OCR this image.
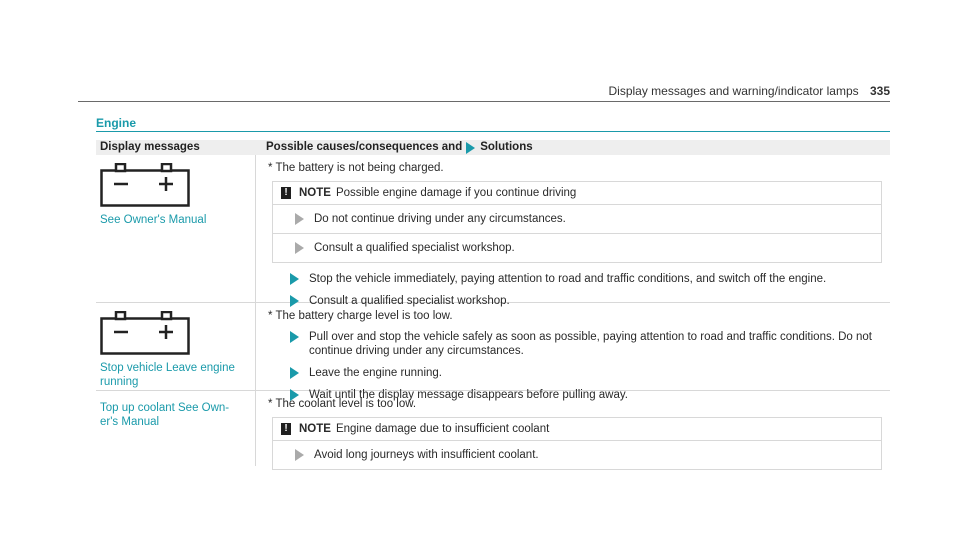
Display messages and warning/indicator lamps 335
Engine
Display messages	Possible causes/consequences and Solutions
See Owner's Manual

* The battery is not being charged.

! NOTE Possible engine damage if you continue driving
Do not continue driving under any circumstances.
Consult a qualified specialist workshop.
Stop the vehicle immediately, paying attention to road and traffic conditions, and switch off the engine.
Consult a qualified specialist workshop.
Stop vehicle Leave engine running

* The battery charge level is too low.

Pull over and stop the vehicle safely as soon as possible, paying attention to road and traffic conditions. Do not continue driving under any circumstances.
Leave the engine running.
Wait until the display message disappears before pulling away.
Top up coolant See Own-er's Manual

* The coolant level is too low.

! NOTE Engine damage due to insufficient coolant
Avoid long journeys with insufficient coolant.
